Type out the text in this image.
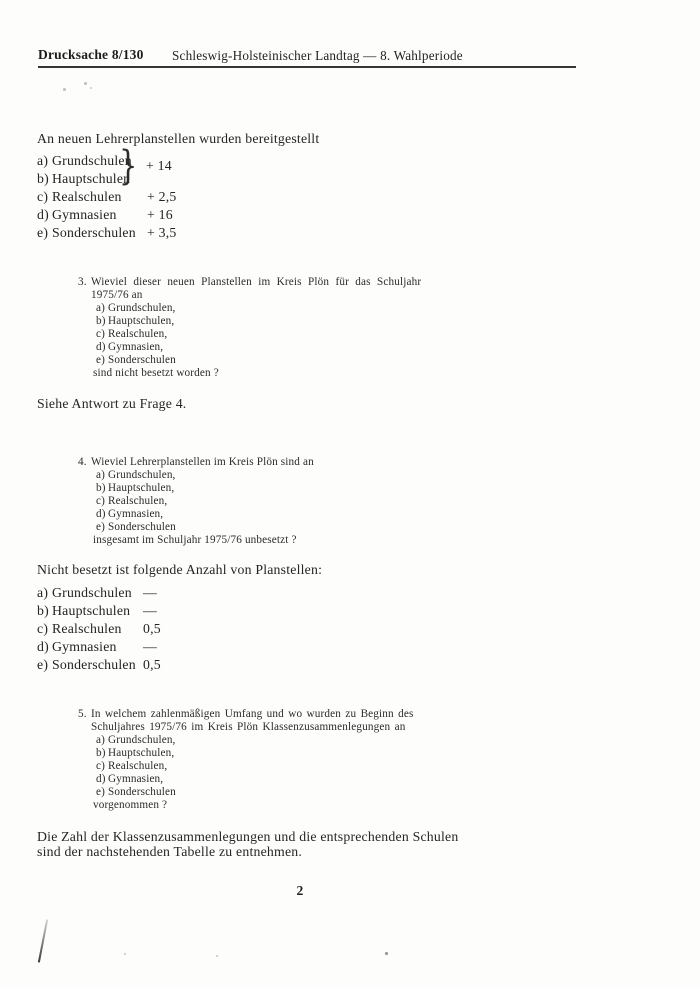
Drucksache 8/130 Schleswig-Holsteinischer Landtag — 8. Wahlperiode
An neuen Lehrerplanstellen wurden bereitgestellt
a) Grundschulen
b) Hauptschulen
c) Realschulen + 2,5
d) Gymnasien + 16
e) Sonderschulen + 3,5
} + 14
3. Wieviel dieser neuen Planstellen im Kreis Plön für das Schuljahr
1975/76 an
a) Grundschulen,
b) Hauptschulen,
c) Realschulen,
d) Gymnasien,
e) Sonderschulen
sind nicht besetzt worden ?
Siehe Antwort zu Frage 4.
4. Wieviel Lehrerplanstellen im Kreis Plön sind an
a) Grundschulen,
b) Hauptschulen,
c) Realschulen,
d) Gymnasien,
e) Sonderschulen
insgesamt im Schuljahr 1975/76 unbesetzt ?
Nicht besetzt ist folgende Anzahl von Planstellen:
a) Grundschulen —
b) Hauptschulen —
c) Realschulen 0,5
d) Gymnasien —
e) Sonderschulen 0,5
5. In welchem zahlenmäßigen Umfang und wo wurden zu Beginn des
Schuljahres 1975/76 im Kreis Plön Klassenzusammenlegungen an
a) Grundschulen,
b) Hauptschulen,
c) Realschulen,
d) Gymnasien,
e) Sonderschulen
vorgenommen ?
Die Zahl der Klassenzusammenlegungen und die entsprechenden Schulen
sind der nachstehenden Tabelle zu entnehmen.
2
